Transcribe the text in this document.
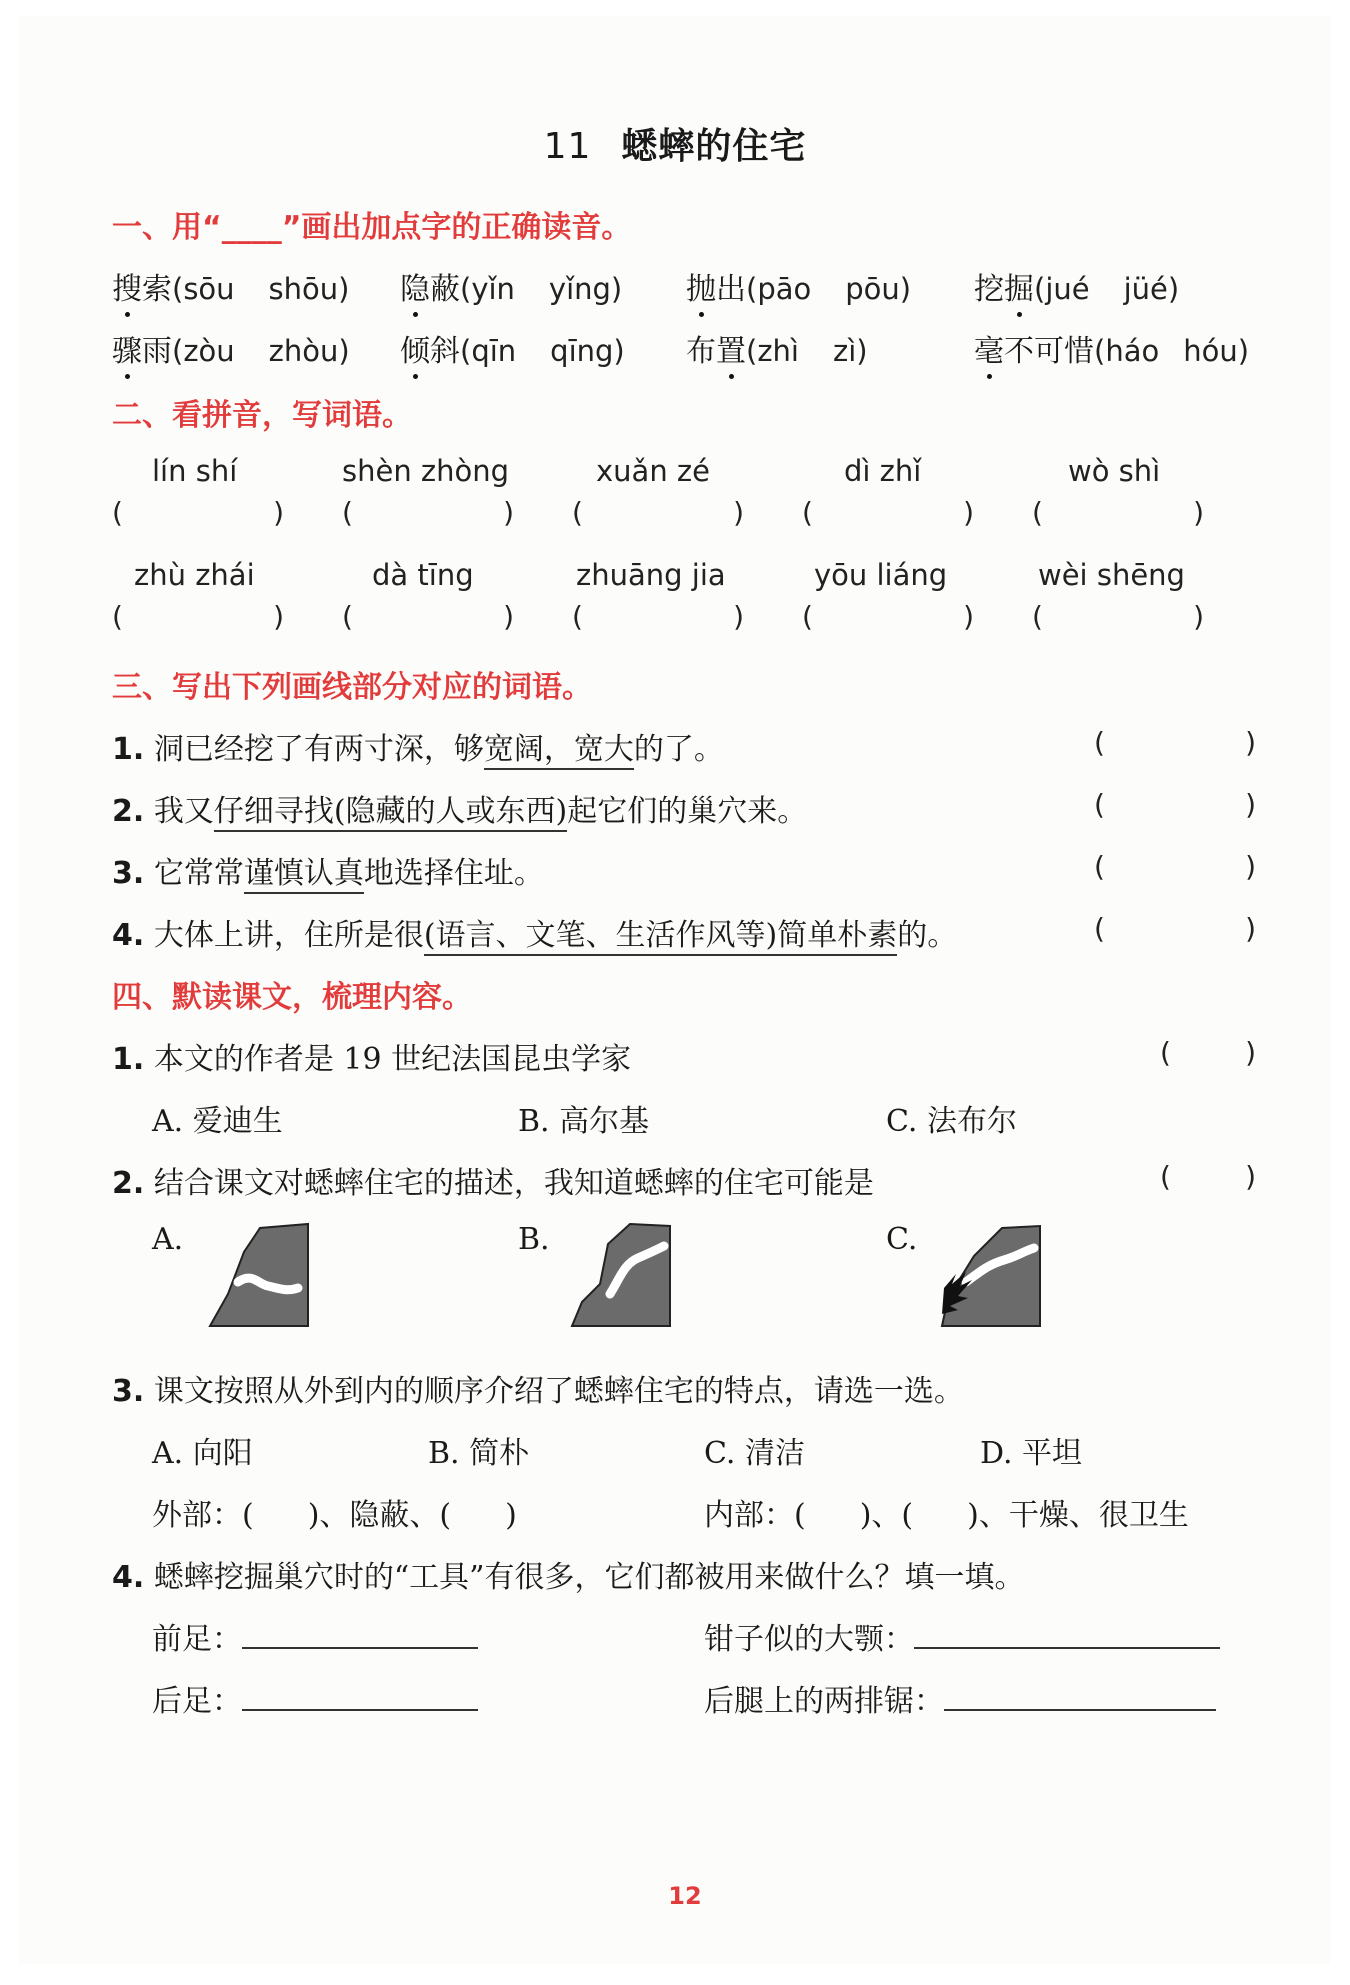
11 蟋蟀的住宅
一、用“____”画出加点字的正确读音。
搜索(sōu shōu) 隐蔽(yǐn yǐng) 抛出(pāo pōu) 挖掘(jué jüé)
骤雨(zòu zhòu) 倾斜(qīn qīng) 布置(zhì zì)	毫不可惜(háo hóu)
二、看拼音，写词语。
lín shí	shèn zhòng	xuǎn zé	dì zhǐ	wò shì
(	) (	) (	) (	) (	)
zhù zhái	dà tīng	zhuāng jia	yōu liáng	wèi shēng
(	) (	) (	) (	) (	)
三、写出下列画线部分对应的词语。
1. 洞已经挖了有两寸深，够宽阔，宽大的了。	(	)
2. 我又仔细寻找(隐藏的人或东西)起它们的巢穴来。	(	)
3. 它常常谨慎认真地选择住址。	(	)
4. 大体上讲，住所是很(语言、文笔、生活作风等)简单朴素的。	(	)
四、默读课文，梳理内容。
1. 本文的作者是 19 世纪法国昆虫学家	(	)
A. 爱迪生	B. 高尔基	C. 法布尔
2. 结合课文对蟋蟀住宅的描述，我知道蟋蟀的住宅可能是	(	)
A.	B.	C.
3. 课文按照从外到内的顺序介绍了蟋蟀住宅的特点，请选一选。
A. 向阳	B. 简朴	C. 清洁	D. 平坦
外部：( )、隐蔽、( )	内部：( )、( )、干燥、很卫生
4. 蟋蟀挖掘巢穴时的“工具”有很多，它们都被用来做什么？填一填。
前足：	钳子似的大颚：
后足：	后腿上的两排锯：
12
